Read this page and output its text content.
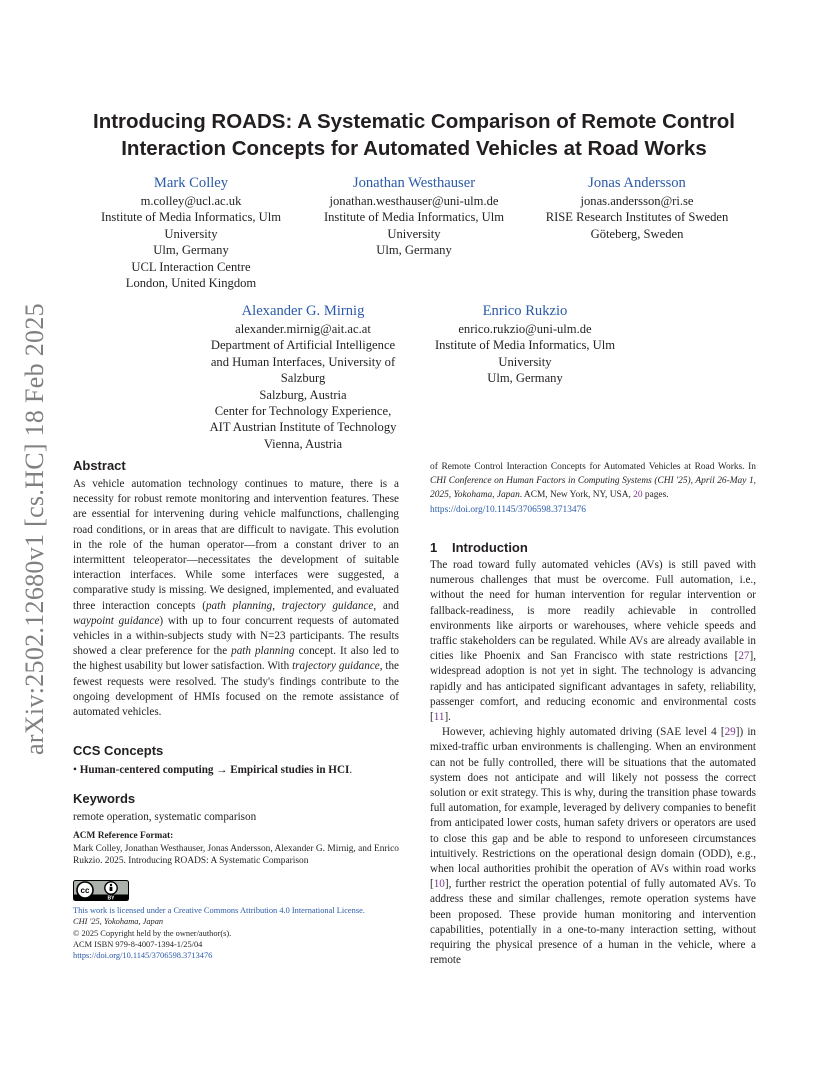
arXiv:2502.12680v1 [cs.HC] 18 Feb 2025
Introducing ROADS: A Systematic Comparison of Remote Control
Interaction Concepts for Automated Vehicles at Road Works
Mark Colley
m.colley@ucl.ac.uk
Institute of Media Informatics, Ulm
University
Ulm, Germany
UCL Interaction Centre
London, United Kingdom
Jonathan Westhauser
jonathan.westhauser@uni-ulm.de
Institute of Media Informatics, Ulm
University
Ulm, Germany
Jonas Andersson
jonas.andersson@ri.se
RISE Research Institutes of Sweden
Göteberg, Sweden
Alexander G. Mirnig
alexander.mirnig@ait.ac.at
Department of Artificial Intelligence
and Human Interfaces, University of
Salzburg
Salzburg, Austria
Center for Technology Experience,
AIT Austrian Institute of Technology
Vienna, Austria
Enrico Rukzio
enrico.rukzio@uni-ulm.de
Institute of Media Informatics, Ulm
University
Ulm, Germany
Abstract

As vehicle automation technology continues to mature, there is a necessity for robust remote monitoring and intervention features. These are essential for intervening during vehicle malfunctions, challenging road conditions, or in areas that are difficult to navigate. This evolution in the role of the human operator—from a constant driver to an intermittent teleoperator—necessitates the development of suitable interaction interfaces. While some interfaces were suggested, a comparative study is missing. We designed, implemented, and evaluated three interaction concepts (path planning, trajectory guidance, and waypoint guidance) with up to four concurrent requests of automated vehicles in a within-subjects study with N=23 participants. The results showed a clear preference for the path planning concept. It also led to the highest usability but lower satisfaction. With trajectory guidance, the fewest requests were resolved. The study's findings contribute to the ongoing development of HMIs focused on the remote assistance of automated vehicles.

CCS Concepts
• Human-centered computing → Empirical studies in HCI.
Keywords
remote operation, systematic comparison

ACM Reference Format:

Mark Colley, Jonathan Westhauser, Jonas Andersson, Alexander G. Mirnig, and Enrico Rukzio. 2025. Introducing ROADS: A Systematic Comparison

cc
BY

This work is licensed under a Creative Commons Attribution 4.0 International License.

CHI '25, Yokohama, Japan

© 2025 Copyright held by the owner/author(s).

ACM ISBN 979-8-4007-1394-1/25/04

https://doi.org/10.1145/3706598.3713476

of Remote Control Interaction Concepts for Automated Vehicles at Road Works. In CHI Conference on Human Factors in Computing Systems (CHI '25), April 26-May 1, 2025, Yokohama, Japan. ACM, New York, NY, USA, 20 pages.

https://doi.org/10.1145/3706598.3713476

1 Introduction

The road toward fully automated vehicles (AVs) is still paved with numerous challenges that must be overcome. Full automation, i.e., without the need for human intervention for regular intervention or fallback-readiness, is more readily achievable in controlled environments like airports or warehouses, where vehicle speeds and traffic stakeholders can be regulated. While AVs are already available in cities like Phoenix and San Francisco with state restrictions [27], widespread adoption is not yet in sight. The technology is advancing rapidly and has anticipated significant advantages in safety, reliability, passenger comfort, and reducing economic and environmental costs [11].

However, achieving highly automated driving (SAE level 4 [29]) in mixed-traffic urban environments is challenging. When an environment can not be fully controlled, there will be situations that the automated system does not anticipate and will likely not possess the correct solution or exit strategy. This is why, during the transition phase towards full automation, for example, leveraged by delivery companies to benefit from anticipated lower costs, human safety drivers or operators are used to close this gap and be able to respond to unforeseen circumstances intuitively. Restrictions on the operational design domain (ODD), e.g., when local authorities prohibit the operation of AVs within road works [10], further restrict the operation potential of fully automated AVs. To address these and similar challenges, remote operation systems have been proposed. These provide human monitoring and intervention capabilities, potentially in a one-to-many interaction setting, without requiring the physical presence of a human in the vehicle, where a remote
